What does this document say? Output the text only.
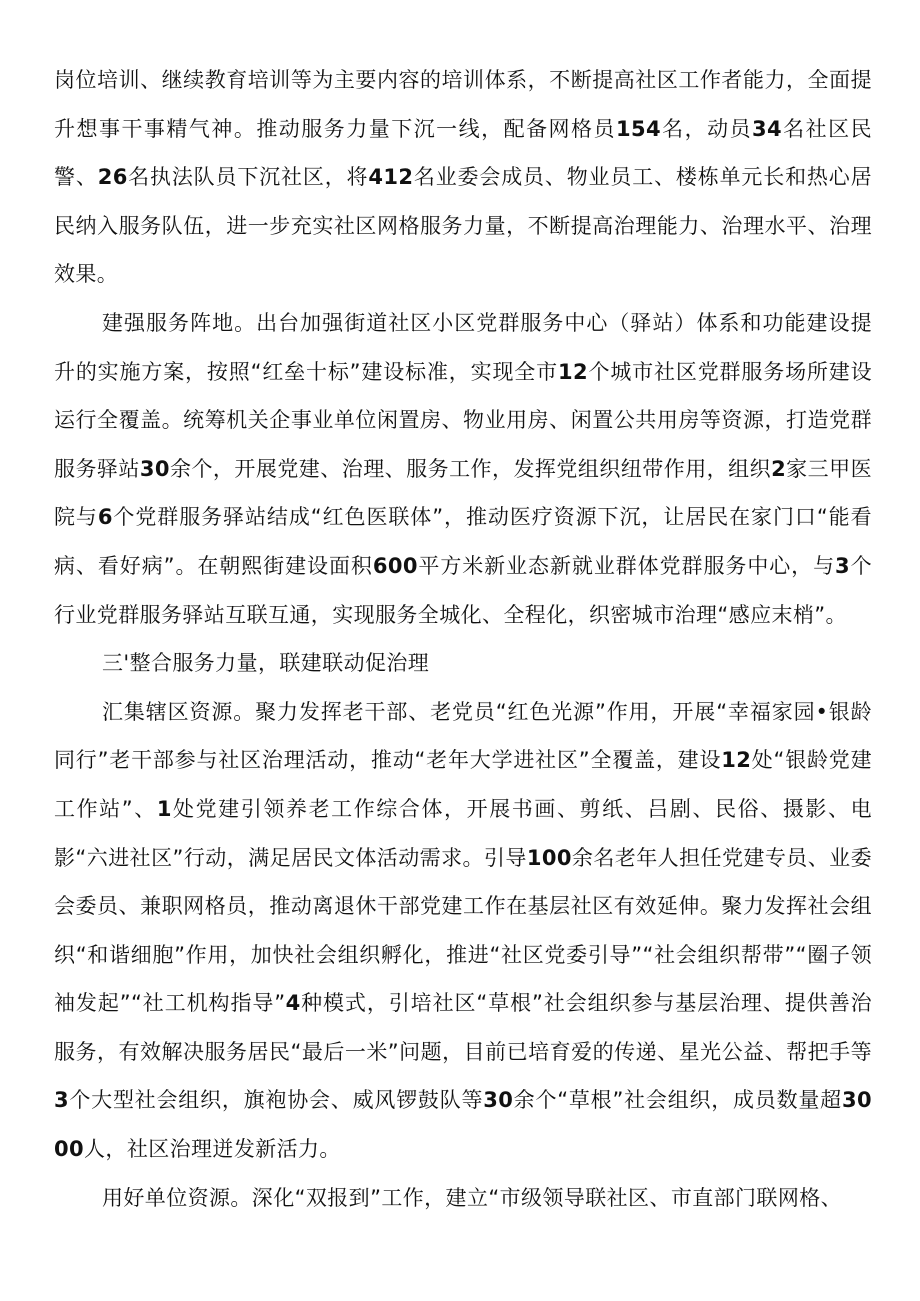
岗位培训、继续教育培训等为主要内容的培训体系，不断提高社区工作者能力，全面提升想事干事精气神。推动服务力量下沉一线，配备网格员154名，动员34名社区民警、26名执法队员下沉社区，将412名业委会成员、物业员工、楼栋单元长和热心居民纳入服务队伍，进一步充实社区网格服务力量，不断提高治理能力、治理水平、治理效果。

建强服务阵地。出台加强街道社区小区党群服务中心（驿站）体系和功能建设提升的实施方案，按照“红垒十标”建设标准，实现全市12个城市社区党群服务场所建设运行全覆盖。统筹机关企事业单位闲置房、物业用房、闲置公共用房等资源，打造党群服务驿站30余个，开展党建、治理、服务工作，发挥党组织纽带作用，组织2家三甲医院与6个党群服务驿站结成“红色医联体”，推动医疗资源下沉，让居民在家门口“能看病、看好病”。在朝熙街建设面积600平方米新业态新就业群体党群服务中心，与3个行业党群服务驿站互联互通，实现服务全城化、全程化，织密城市治理“感应末梢”。

三'整合服务力量，联建联动促治理

汇集辖区资源。聚力发挥老干部、老党员“红色光源”作用，开展“幸福家园•银龄同行”老干部参与社区治理活动，推动“老年大学进社区”全覆盖，建设12处“银龄党建工作站”、1处党建引领养老工作综合体，开展书画、剪纸、吕剧、民俗、摄影、电影“六进社区”行动，满足居民文体活动需求。引导100余名老年人担任党建专员、业委会委员、兼职网格员，推动离退休干部党建工作在基层社区有效延伸。聚力发挥社会组织“和谐细胞”作用，加快社会组织孵化，推进“社区党委引导”“社会组织帮带”“圈子领袖发起”“社工机构指导”4种模式，引培社区“草根”社会组织参与基层治理、提供善治服务，有效解决服务居民“最后一米”问题，目前已培育爱的传递、星光公益、帮把手等3个大型社会组织，旗袍协会、威风锣鼓队等30余个“草根”社会组织，成员数量超3000人，社区治理迸发新活力。

用好单位资源。深化“双报到”工作，建立“市级领导联社区、市直部门联网格、
